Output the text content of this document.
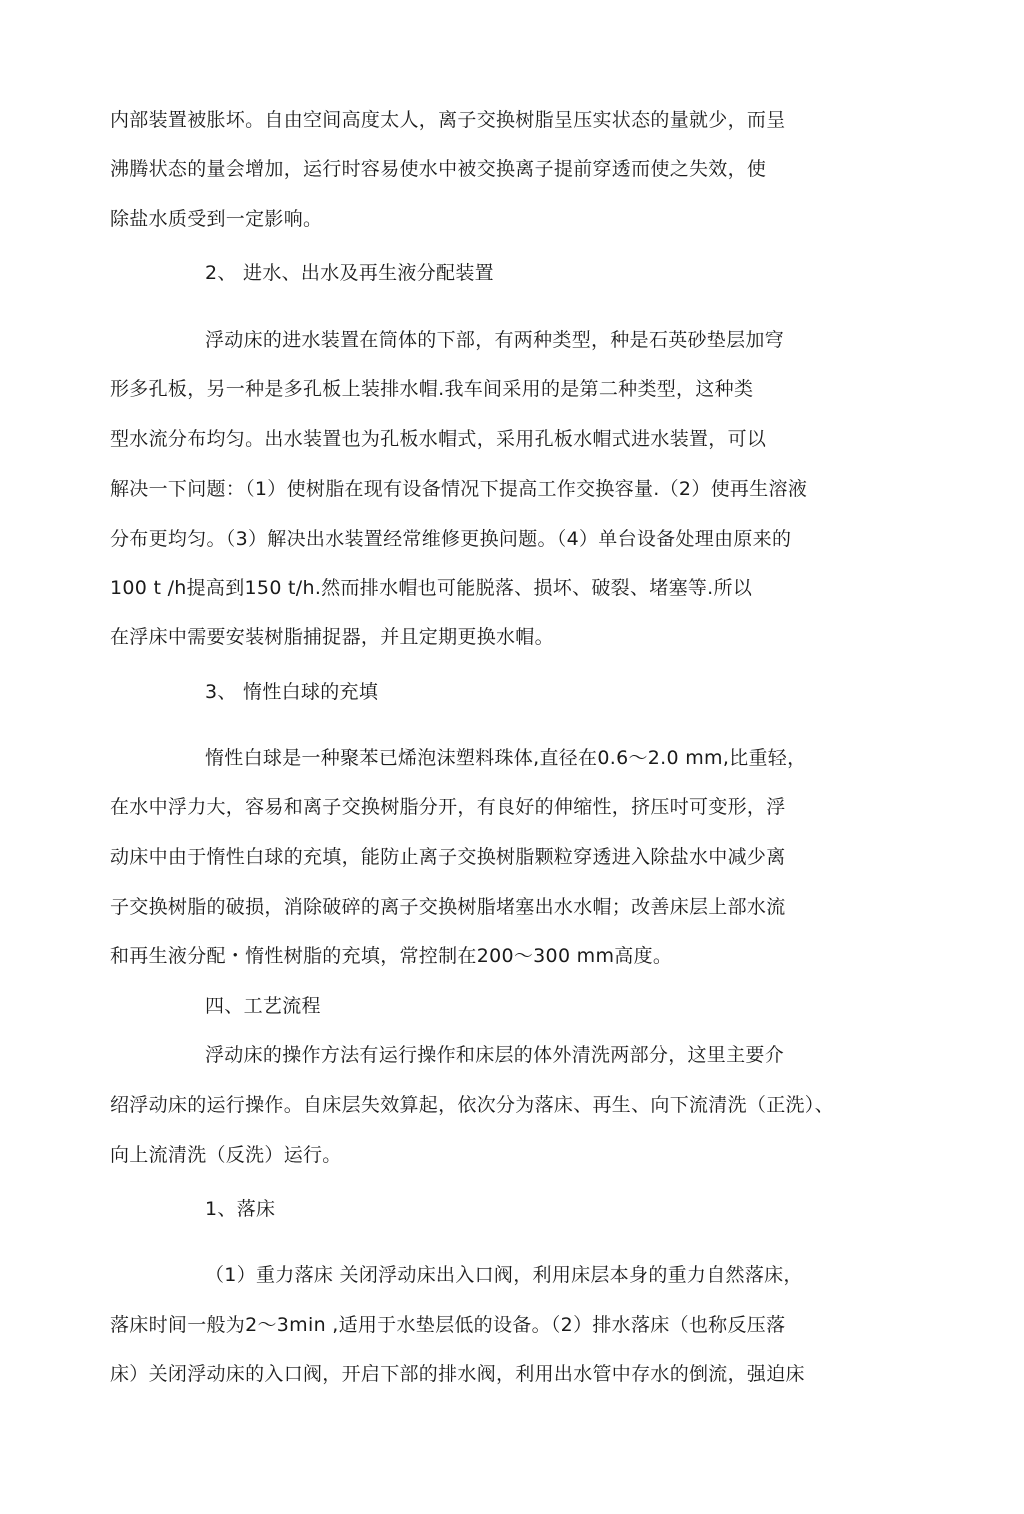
内部装置被胀坏。自由空间高度太人，离子交换树脂呈压实状态的量就少，而呈
沸腾状态的量会增加，运行时容易使水中被交换离子提前穿透而使之失效，使
除盐水质受到一定影响。
2、 进水、出水及再生液分配装置
浮动床的进水装置在筒体的下部，有两种类型，种是石英砂垫层加穹
形多孔板，另一种是多孔板上装排水帽.我车间采用的是第二种类型，这种类
型水流分布均匀。出水装置也为孔板水帽式，采用孔板水帽式进水装置，可以
解决一下问题：（1）使树脂在现有设备情况下提高工作交换容量.（2）使再生溶液
分布更均匀。（3）解决出水装置经常维修更换问题。（4）单台设备处理由原来的
100 t /h提高到150 t/h.然而排水帽也可能脱落、损坏、破裂、堵塞等.所以
在浮床中需要安装树脂捕捉器，并且定期更换水帽。
3、 惰性白球的充填
惰性白球是一种聚苯已烯泡沫塑料珠体,直径在0.6～2.0 mm,比重轻，
在水中浮力大，容易和离子交换树脂分开，有良好的伸缩性，挤压吋可变形，浮
动床中由于惰性白球的充填，能防止离子交换树脂颗粒穿透进入除盐水中减少离
子交换树脂的破损，消除破碎的离子交换树脂堵塞出水水帽；改善床层上部水流
和再生液分配・惰性树脂的充填，常控制在200～300 mm高度。
四、工艺流程
浮动床的操作方法有运行操作和床层的体外清洗两部分，这里主要介
绍浮动床的运行操作。自床层失效算起，依次分为落床、再生、向下流清洗（正洗）、
向上流清洗（反洗）运行。
1、落床
（1）重力落床 关闭浮动床出入口阀，利用床层本身的重力自然落床，
落床时间一般为2～3min ,适用于水垫层低的设备。（2）排水落床（也称反压落
床）关闭浮动床的入口阀，开启下部的排水阀，利用出水管中存水的倒流，强迫床
